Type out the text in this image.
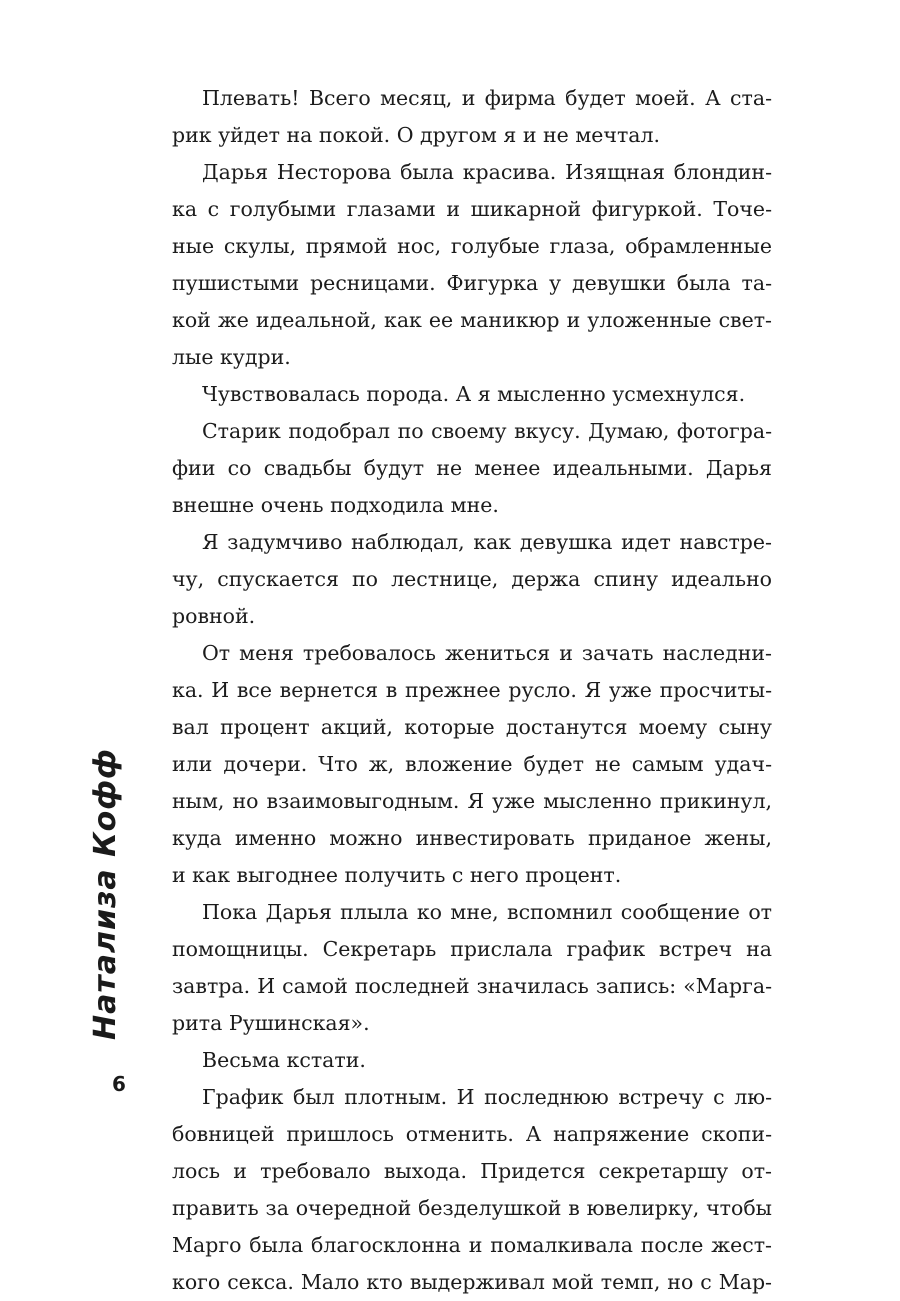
Плевать! Всего месяц, и фирма будет моей. А ста-
рик уйдет на покой. О другом я и не мечтал.

Дарья Несторова была красива. Изящная блондин-
ка с голубыми глазами и шикарной фигуркой. Точе-
ные скулы, прямой нос, голубые глаза, обрамленные
пушистыми ресницами. Фигурка у девушки была та-
кой же идеальной, как ее маникюр и уложенные свет-
лые кудри.

Чувствовалась порода. А я мысленно усмехнулся.

Старик подобрал по своему вкусу. Думаю, фотогра-
фии со свадьбы будут не менее идеальными. Дарья
внешне очень подходила мне.

Я задумчиво наблюдал, как девушка идет навстре-
чу, спускается по лестнице, держа спину идеально
ровной.

От меня требовалось жениться и зачать наследни-
ка. И все вернется в прежнее русло. Я уже просчиты-
вал процент акций, которые достанутся моему сыну
или дочери. Что ж, вложение будет не самым удач-
ным, но взаимовыгодным. Я уже мысленно прикинул,
куда именно можно инвестировать приданое жены,
и как выгоднее получить с него процент.

Пока Дарья плыла ко мне, вспомнил сообщение от
помощницы. Секретарь прислала график встреч на
завтра. И самой последней значилась запись: «Марга-
рита Рушинская».

Весьма кстати.

График был плотным. И последнюю встречу с лю-
бовницей пришлось отменить. А напряжение скопи-
лось и требовало выхода. Придется секретаршу от-
править за очередной безделушкой в ювелирку, чтобы
Марго была благосклонна и помалкивала после жест-
кого секса. Мало кто выдерживал мой темп, но с Мар-

Натализа Кофф
6
